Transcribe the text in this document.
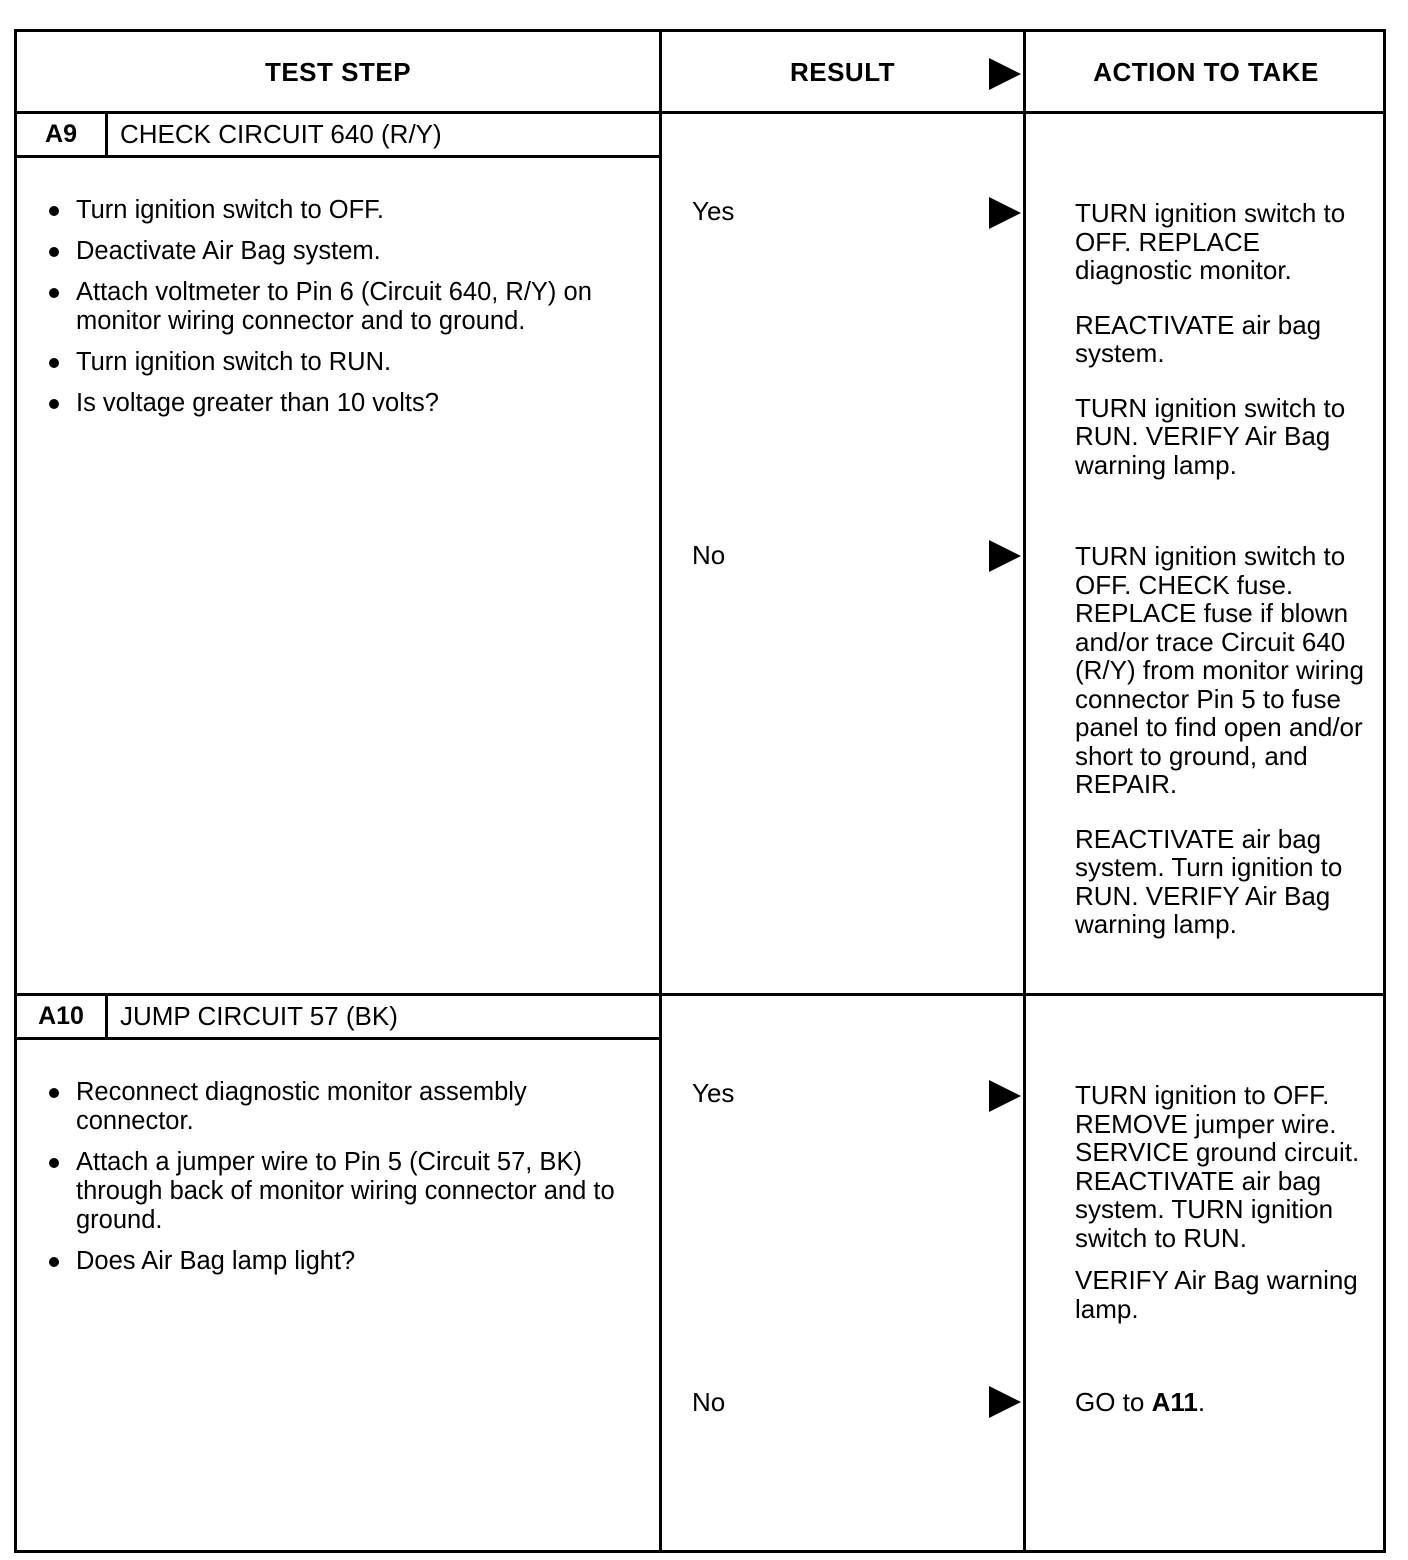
TEST STEP	RESULT	ACTION TO TAKE
A9	CHECK CIRCUIT 640 (R/Y)
Turn ignition switch to OFF.
Deactivate Air Bag system.
Attach voltmeter to Pin 6 (Circuit 640, R/Y) on monitor wiring connector and to ground.
Turn ignition switch to RUN.
Is voltage greater than 10 volts?
Yes	TURN ignition switch to OFF. REPLACE diagnostic monitor.

REACTIVATE air bag system.

TURN ignition switch to RUN. VERIFY Air Bag warning lamp.

No	TURN ignition switch to OFF. CHECK fuse. REPLACE fuse if blown and/or trace Circuit 640 (R/Y) from monitor wiring connector Pin 5 to fuse panel to find open and/or short to ground, and REPAIR.

REACTIVATE air bag system. Turn ignition to RUN. VERIFY Air Bag warning lamp.

A10	JUMP CIRCUIT 57 (BK)
Reconnect diagnostic monitor assembly connector.
Attach a jumper wire to Pin 5 (Circuit 57, BK) through back of monitor wiring connector and to ground.
Does Air Bag lamp light?
Yes	TURN ignition to OFF. REMOVE jumper wire. SERVICE ground circuit. REACTIVATE air bag system. TURN ignition switch to RUN.

VERIFY Air Bag warning lamp.

No	GO to A11.
